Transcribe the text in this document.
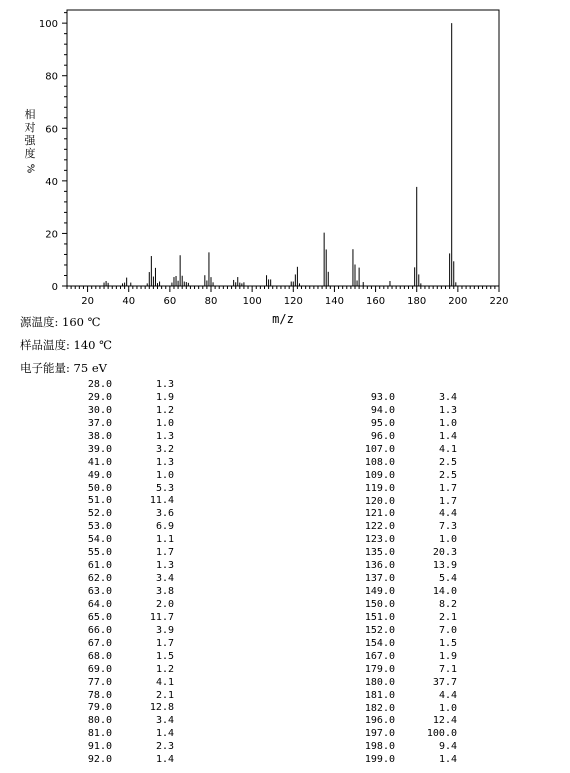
0
20
40
60
80
100
20	40	60	80	100 120 140 160 180 200 220
m/z
相
对
强
度
%
源温度: 160 ℃
样品温度: 140 ℃
电子能量: 75 eV
28.0	1.3
29.0	1.9
30.0	1.2
37.0	1.0
38.0	1.3
39.0	3.2
41.0	1.3
49.0	1.0
50.0	5.3
51.0	11.4
52.0	3.6
53.0	6.9
54.0	1.1
55.0	1.7
61.0	1.3
62.0	3.4
63.0	3.8
64.0	2.0
65.0	11.7
66.0	3.9
67.0	1.7
68.0	1.5
69.0	1.2
77.0	4.1
78.0	2.1
79.0	12.8
80.0	3.4
81.0	1.4
91.0	2.3
92.0	1.4
93.0	3.4
94.0	1.3
95.0	1.0
96.0	1.4
107.0	4.1
108.0	2.5
109.0	2.5
119.0	1.7
120.0	1.7
121.0	4.4
122.0	7.3
123.0	1.0
135.0	20.3
136.0	13.9
137.0	5.4
149.0	14.0
150.0	8.2
151.0	2.1
152.0	7.0
154.0	1.5
167.0	1.9
179.0	7.1
180.0	37.7
181.0	4.4
182.0	1.0
196.0	12.4
197.0	100.0
198.0	9.4
199.0	1.4
